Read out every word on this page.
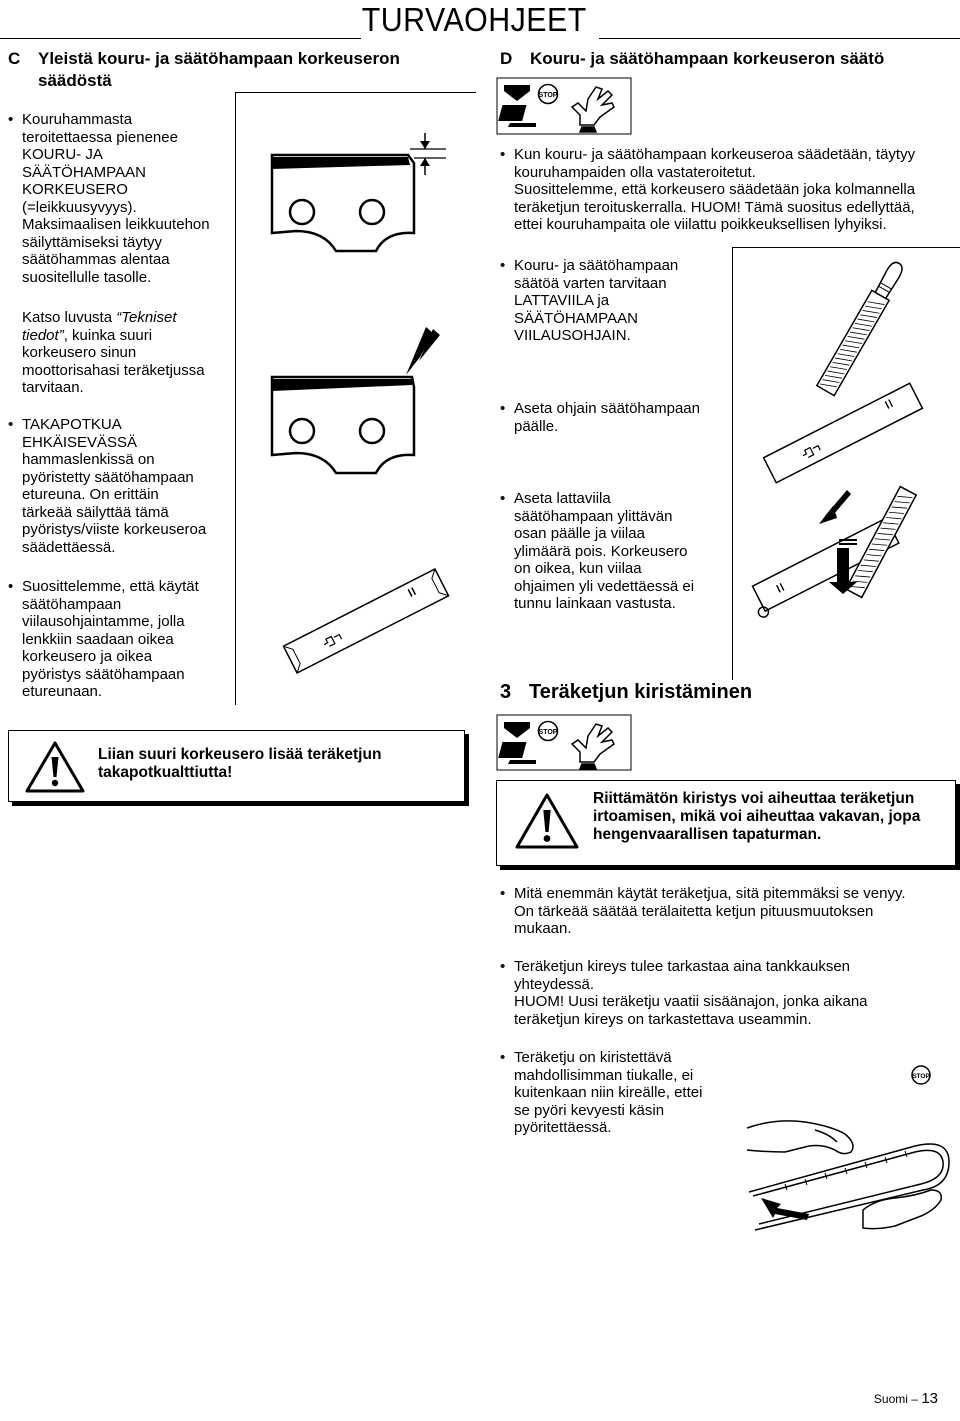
TURVAOHJEET
C Yleistä kouru- ja säätöhampaan korkeuseron
säädöstä
• Kouruhammasta

teroitettaessa pienenee

KOURU- JA

SÄÄTÖHAMPAAN

KORKEUSERO

(=leikkuusyvyys).

Maksimaalisen leikkuutehon

säilyttämiseksi täytyy

säätöhammas alentaa

suositellulle tasolle.

Katso luvusta “Tekniset

tiedot”, kuinka suuri

korkeusero sinun

moottorisahasi teräketjussa

tarvitaan.

• TAKAPOTKUA

EHKÄISEVÄSSÄ

hammaslenkissä on

pyöristetty säätöhampaan

etureuna. On erittäin

tärkeää säilyttää tämä

pyöristys/viiste korkeuseroa

säädettäessä.

• Suosittelemme, että käytät

säätöhampaan

viilausohjaintamme, jolla

lenkkiin saadaan oikea

korkeusero ja oikea

pyöristys säätöhampaan

etureunaan.

Liian suuri korkeusero lisää teräketjun
takapotkualttiutta!
D Kouru- ja säätöhampaan korkeuseron säätö
STOP
• Kun kouru- ja säätöhampaan korkeuseroa säädetään, täytyy

kouruhampaiden olla vastateroitetut.

Suosittelemme, että korkeusero säädetään joka kolmannella

teräketjun teroituskerralla. HUOM! Tämä suositus edellyttää,

ettei kouruhampaita ole viilattu poikkeuksellisen lyhyiksi.

• Kouru- ja säätöhampaan

säätöä varten tarvitaan

LATTAVIILA ja

SÄÄTÖHAMPAAN

VIILAUSOHJAIN.

• Aseta ohjain säätöhampaan

päälle.

• Aseta lattaviila

säätöhampaan ylittävän

osan päälle ja viilaa

ylimäärä pois. Korkeusero

on oikea, kun viilaa

ohjaimen yli vedettäessä ei

tunnu lainkaan vastusta.

3 Teräketjun kiristäminen
STOP
Riittämätön kiristys voi aiheuttaa teräketjun
irtoamisen, mikä voi aiheuttaa vakavan, jopa
hengenvaarallisen tapaturman.
• Mitä enemmän käytät teräketjua, sitä pitemmäksi se venyy.

On tärkeää säätää terälaitetta ketjun pituusmuutoksen

mukaan.

• Teräketjun kireys tulee tarkastaa aina tankkauksen

yhteydessä.

HUOM! Uusi teräketju vaatii sisäänajon, jonka aikana

teräketjun kireys on tarkastettava useammin.

• Teräketju on kiristettävä

mahdollisimman tiukalle, ei

kuitenkaan niin kireälle, ettei

se pyöri kevyesti käsin

pyöritettäessä.

STOP
Suomi – 13
